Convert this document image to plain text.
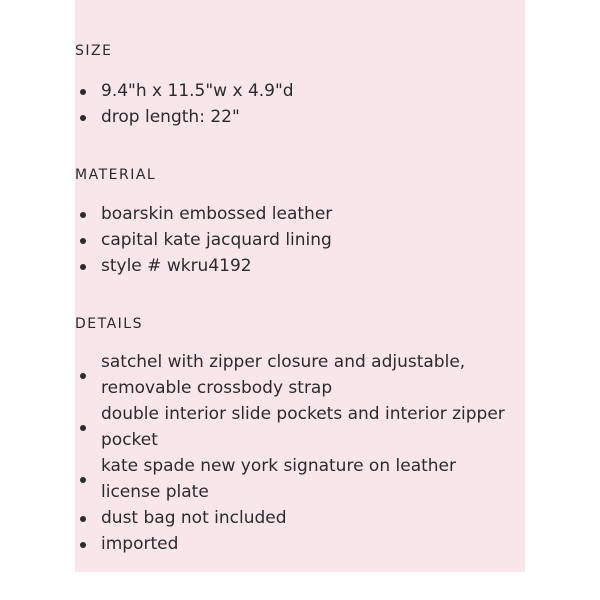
SIZE
9.4"h x 11.5"w x 4.9"d
drop length: 22"
MATERIAL
boarskin embossed leather
capital kate jacquard lining
style # wkru4192
DETAILS
satchel with zipper closure and adjustable, removable crossbody strap
double interior slide pockets and interior zipper pocket
kate spade new york signature on leather license plate
dust bag not included
imported
